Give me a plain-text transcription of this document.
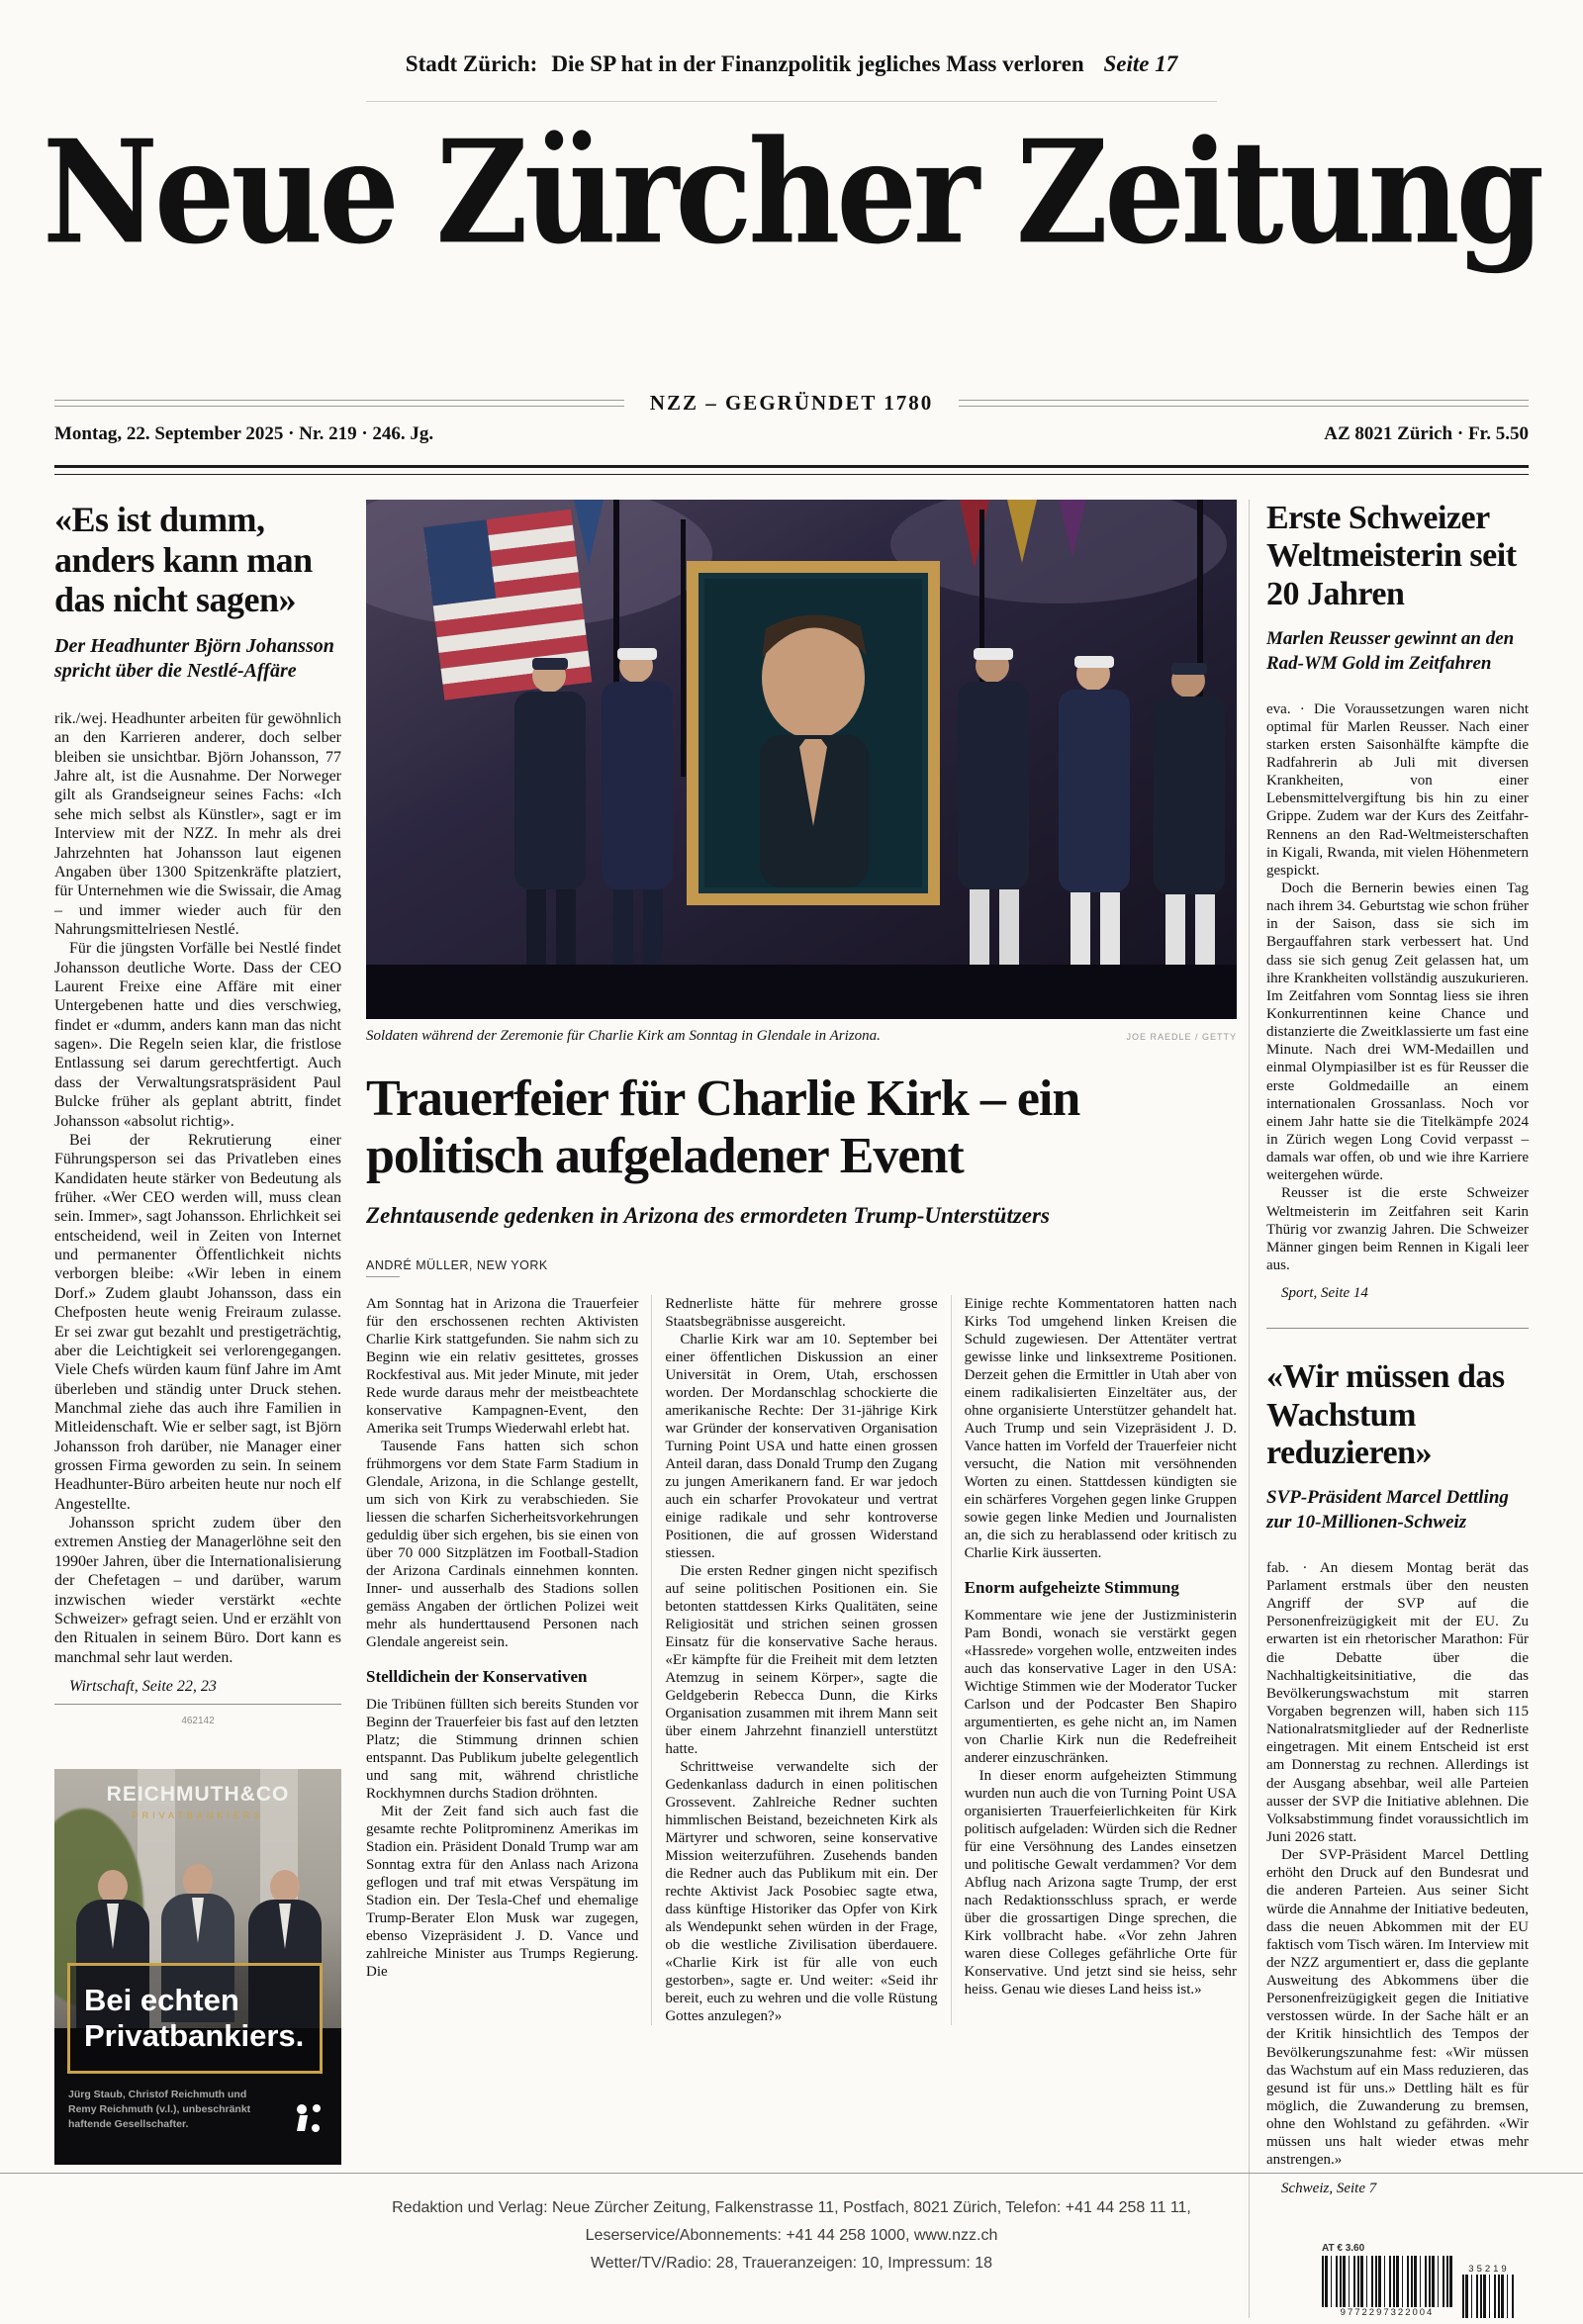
Stadt Zürich: Die SP hat in der Finanzpolitik jegliches Mass verloren Seite 17
Neue Zürcher Zeitung
NZZ – GEGRÜNDET 1780
Montag, 22. September 2025 · Nr. 219 · 246. Jg.	AZ 8021 Zürich · Fr. 5.50
«Es ist dumm, anders kann man das nicht sagen»

Der Headhunter Björn Johansson spricht über die Nestlé-Affäre

rik./wej. Headhunter arbeiten für gewöhnlich an den Karrieren anderer, doch selber bleiben sie unsichtbar. Björn Johansson, 77 Jahre alt, ist die Ausnahme. Der Norweger gilt als Grandseigneur seines Fachs: «Ich sehe mich selbst als Künstler», sagt er im Interview mit der NZZ. In mehr als drei Jahrzehnten hat Johansson laut eigenen Angaben über 1300 Spitzenkräfte platziert, für Unternehmen wie die Swissair, die Amag – und immer wieder auch für den Nahrungsmittelriesen Nestlé.

Für die jüngsten Vorfälle bei Nestlé findet Johansson deutliche Worte. Dass der CEO Laurent Freixe eine Affäre mit einer Untergebenen hatte und dies verschwieg, findet er «dumm, anders kann man das nicht sagen». Die Regeln seien klar, die fristlose Entlassung sei darum gerechtfertigt. Auch dass der Verwaltungsratspräsident Paul Bulcke früher als geplant abtritt, findet Johansson «absolut richtig».

Bei der Rekrutierung einer Führungsperson sei das Privatleben eines Kandidaten heute stärker von Bedeutung als früher. «Wer CEO werden will, muss clean sein. Immer», sagt Johansson. Ehrlichkeit sei entscheidend, weil in Zeiten von Internet und permanenter Öffentlichkeit nichts verborgen bleibe: «Wir leben in einem Dorf.» Zudem glaubt Johansson, dass ein Chefposten heute wenig Freiraum zulasse. Er sei zwar gut bezahlt und prestigeträchtig, aber die Leichtigkeit sei verlorengegangen. Viele Chefs würden kaum fünf Jahre im Amt überleben und ständig unter Druck stehen. Manchmal ziehe das auch ihre Familien in Mitleidenschaft. Wie er selber sagt, ist Björn Johansson froh darüber, nie Manager einer grossen Firma geworden zu sein. In seinem Headhunter-Büro arbeiten heute nur noch elf Angestellte.

Johansson spricht zudem über den extremen Anstieg der Managerlöhne seit den 1990er Jahren, über die Internationalisierung der Chefetagen – und darüber, warum inzwischen wieder verstärkt «echte Schweizer» gefragt seien. Und er erzählt von den Ritualen in seinem Büro. Dort kann es manchmal sehr laut werden.

Wirtschaft, Seite 22, 23

462142
REICHMUTH&CO
PRIVATBANKIERS
Bei echten
Privatbankiers.

Jürg Staub, Christof Reichmuth und Remy Reichmuth (v.l.), unbeschränkt haftende Gesellschafter.

Soldaten während der Zeremonie für Charlie Kirk am Sonntag in Glendale in Arizona.	JOE RAEDLE / GETTY
Trauerfeier für Charlie Kirk – ein politisch aufgeladener Event

Zehntausende gedenken in Arizona des ermordeten Trump-Unterstützers

ANDRÉ MÜLLER, NEW YORK

Am Sonntag hat in Arizona die Trauerfeier für den erschossenen rechten Aktivisten Charlie Kirk stattgefunden. Sie nahm sich zu Beginn wie ein relativ gesittetes, grosses Rockfestival aus. Mit jeder Minute, mit jeder Rede wurde daraus mehr der meistbeachtete konservative Kampagnen-Event, den Amerika seit Trumps Wiederwahl erlebt hat.

Tausende Fans hatten sich schon frühmorgens vor dem State Farm Stadium in Glendale, Arizona, in die Schlange gestellt, um sich von Kirk zu verabschieden. Sie liessen die scharfen Sicherheitsvorkehrungen geduldig über sich ergehen, bis sie einen von über 70 000 Sitzplätzen im Football-Stadion der Arizona Cardinals einnehmen konnten. Inner- und ausserhalb des Stadions sollen gemäss Angaben der örtlichen Polizei weit mehr als hunderttausend Personen nach Glendale angereist sein.

Stelldichein der Konservativen

Die Tribünen füllten sich bereits Stunden vor Beginn der Trauerfeier bis fast auf den letzten Platz; die Stimmung drinnen schien entspannt. Das Publikum jubelte gelegentlich und sang mit, während christliche Rockhymnen durchs Stadion dröhnten.

Mit der Zeit fand sich auch fast die gesamte rechte Politprominenz Amerikas im Stadion ein. Präsident Donald Trump war am Sonntag extra für den Anlass nach Arizona geflogen und traf mit etwas Verspätung im Stadion ein. Der Tesla-Chef und ehemalige Trump-Berater Elon Musk war zugegen, ebenso Vizepräsident J. D. Vance und zahlreiche Minister aus Trumps Regierung. Die

Rednerliste hätte für mehrere grosse Staatsbegräbnisse ausgereicht.

Charlie Kirk war am 10. September bei einer öffentlichen Diskussion an einer Universität in Orem, Utah, erschossen worden. Der Mordanschlag schockierte die amerikanische Rechte: Der 31-jährige Kirk war Gründer der konservativen Organisation Turning Point USA und hatte einen grossen Anteil daran, dass Donald Trump den Zugang zu jungen Amerikanern fand. Er war jedoch auch ein scharfer Provokateur und vertrat einige radikale und sehr kontroverse Positionen, die auf grossen Widerstand stiessen.

Die ersten Redner gingen nicht spezifisch auf seine politischen Positionen ein. Sie betonten stattdessen Kirks Qualitäten, seine Religiosität und strichen seinen grossen Einsatz für die konservative Sache heraus. «Er kämpfte für die Freiheit mit dem letzten Atemzug in seinem Körper», sagte die Geldgeberin Rebecca Dunn, die Kirks Organisation zusammen mit ihrem Mann seit über einem Jahrzehnt finanziell unterstützt hatte.

Schrittweise verwandelte sich der Gedenkanlass dadurch in einen politischen Grossevent. Zahlreiche Redner suchten himmlischen Beistand, bezeichneten Kirk als Märtyrer und schworen, seine konservative Mission weiterzuführen. Zusehends banden die Redner auch das Publikum mit ein. Der rechte Aktivist Jack Posobiec sagte etwa, dass künftige Historiker das Opfer von Kirk als Wendepunkt sehen würden in der Frage, ob die westliche Zivilisation überdauere. «Charlie Kirk ist für alle von euch gestorben», sagte er. Und weiter: «Seid ihr bereit, euch zu wehren und die volle Rüstung Gottes anzulegen?»

Einige rechte Kommentatoren hatten nach Kirks Tod umgehend linken Kreisen die Schuld zugewiesen. Der Attentäter vertrat gewisse linke und linksextreme Positionen. Derzeit gehen die Ermittler in Utah aber von einem radikalisierten Einzeltäter aus, der ohne organisierte Unterstützer gehandelt hat. Auch Trump und sein Vizepräsident J. D. Vance hatten im Vorfeld der Trauerfeier nicht versucht, die Nation mit versöhnenden Worten zu einen. Stattdessen kündigten sie ein schärferes Vorgehen gegen linke Gruppen sowie gegen linke Medien und Journalisten an, die sich zu herablassend oder kritisch zu Charlie Kirk äusserten.

Enorm aufgeheizte Stimmung

Kommentare wie jene der Justizministerin Pam Bondi, wonach sie verstärkt gegen «Hassrede» vorgehen wolle, entzweiten indes auch das konservative Lager in den USA: Wichtige Stimmen wie der Moderator Tucker Carlson und der Podcaster Ben Shapiro argumentierten, es gehe nicht an, im Namen von Charlie Kirk nun die Redefreiheit anderer einzuschränken.

In dieser enorm aufgeheizten Stimmung wurden nun auch die von Turning Point USA organisierten Trauerfeierlichkeiten für Kirk politisch aufgeladen: Würden sich die Redner für eine Versöhnung des Landes einsetzen und politische Gewalt verdammen? Vor dem Abflug nach Arizona sagte Trump, der erst nach Redaktionsschluss sprach, er werde über die grossartigen Dinge sprechen, die Kirk vollbracht habe. «Vor zehn Jahren waren diese Colleges gefährliche Orte für Konservative. Und jetzt sind sie heiss, sehr heiss. Genau wie dieses Land heiss ist.»

Erste Schweizer Weltmeisterin seit 20 Jahren

Marlen Reusser gewinnt an den Rad-WM Gold im Zeitfahren

eva. · Die Voraussetzungen waren nicht optimal für Marlen Reusser. Nach einer starken ersten Saisonhälfte kämpfte die Radfahrerin ab Juli mit diversen Krankheiten, von einer Lebensmittelvergiftung bis hin zu einer Grippe. Zudem war der Kurs des Zeitfahr-Rennens an den Rad-Weltmeisterschaften in Kigali, Rwanda, mit vielen Höhenmetern gespickt.

Doch die Bernerin bewies einen Tag nach ihrem 34. Geburtstag wie schon früher in der Saison, dass sie sich im Bergauffahren stark verbessert hat. Und dass sie sich genug Zeit gelassen hat, um ihre Krankheiten vollständig auszukurieren. Im Zeitfahren vom Sonntag liess sie ihren Konkurrentinnen keine Chance und distanzierte die Zweitklassierte um fast eine Minute. Nach drei WM-Medaillen und einmal Olympiasilber ist es für Reusser die erste Goldmedaille an einem internationalen Grossanlass. Noch vor einem Jahr hatte sie die Titelkämpfe 2024 in Zürich wegen Long Covid verpasst – damals war offen, ob und wie ihre Karriere weitergehen würde.

Reusser ist die erste Schweizer Weltmeisterin im Zeitfahren seit Karin Thürig vor zwanzig Jahren. Die Schweizer Männer gingen beim Rennen in Kigali leer aus.

Sport, Seite 14

«Wir müssen das Wachstum reduzieren»

SVP-Präsident Marcel Dettling zur 10-Millionen-Schweiz

fab. · An diesem Montag berät das Parlament erstmals über den neusten Angriff der SVP auf die Personenfreizügigkeit mit der EU. Zu erwarten ist ein rhetorischer Marathon: Für die Debatte über die Nachhaltigkeitsinitiative, die das Bevölkerungswachstum mit starren Vorgaben begrenzen will, haben sich 115 Nationalratsmitglieder auf der Rednerliste eingetragen. Mit einem Entscheid ist erst am Donnerstag zu rechnen. Allerdings ist der Ausgang absehbar, weil alle Parteien ausser der SVP die Initiative ablehnen. Die Volksabstimmung findet voraussichtlich im Juni 2026 statt.

Der SVP-Präsident Marcel Dettling erhöht den Druck auf den Bundesrat und die anderen Parteien. Aus seiner Sicht würde die Annahme der Initiative bedeuten, dass die neuen Abkommen mit der EU faktisch vom Tisch wären. Im Interview mit der NZZ argumentiert er, dass die geplante Ausweitung des Abkommens über die Personenfreizügigkeit gegen die Initiative verstossen würde. In der Sache hält er an der Kritik hinsichtlich des Tempos der Bevölkerungszunahme fest: «Wir müssen das Wachstum auf ein Mass reduzieren, das gesund ist für uns.» Dettling hält es für möglich, die Zuwanderung zu bremsen, ohne den Wohlstand zu gefährden. «Wir müssen uns halt wieder etwas mehr anstrengen.»

Schweiz, Seite 7

AT € 3.60
9772297322004
35219
Redaktion und Verlag: Neue Zürcher Zeitung, Falkenstrasse 11, Postfach, 8021 Zürich, Telefon: +41 44 258 11 11,
Leserservice/Abonnements: +41 44 258 1000, www.nzz.ch
Wetter/TV/Radio: 28, Traueranzeigen: 10, Impressum: 18
